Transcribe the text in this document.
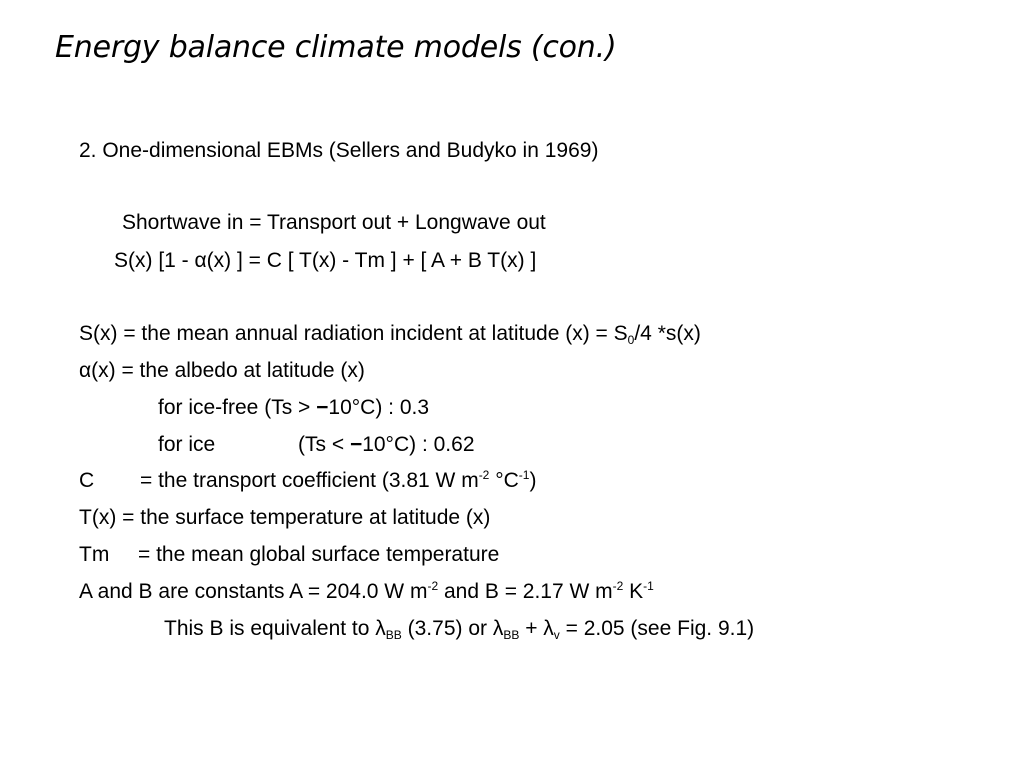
Energy balance climate models (con.)
2. One-dimensional EBMs (Sellers and Budyko in 1969)
Shortwave in = Transport out + Longwave out
S(x) [1 - α(x) ] = C [ T(x) - Tm ] + [ A + B T(x) ]
S(x) = the mean annual radiation incident at latitude $(x) = S_0/4$ *s(x)
α(x) = the albedo at latitude (x)
for ice-free (Ts > −10°C) : 0.3
for ice	(Ts < −10°C) : 0.62
C = the transport coefficient (3.81 W $m^{-2}$ $^\circ C^{-1}$)
T(x) = the surface temperature at latitude (x)
Tm = the mean global surface temperature
A and B are constants A = 204.0 W $m^{-2}$ and B = 2.17 W $m^{-2}$ $K^{-1}$
This B is equivalent to $\lambda_{BB}$ (3.75) or $\lambda_{BB} + \lambda_v = 2.05$ (see Fig. 9.1)
